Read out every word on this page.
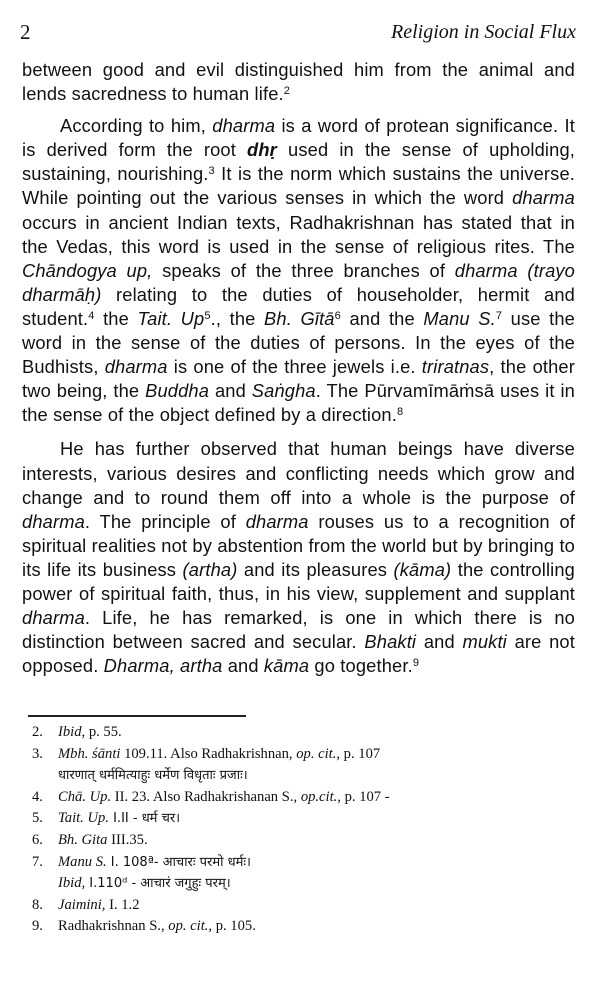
2	Religion in Social Flux

between good and evil distinguished him from the animal and lends sacredness to human life.$^2$

According to him, dharma is a word of protean significance. It is derived form the root dhṛ used in the sense of upholding, sustaining, nourishing.$^3$ It is the norm which sustains the universe. While pointing out the various senses in which the word dharma occurs in ancient Indian texts, Radhakrishnan has stated that in the Vedas, this word is used in the sense of religious rites. The Chāndogya up, speaks of the three branches of dharma (trayo dharmāḥ) relating to the duties of householder, hermit and student.$^4$ the Tait. Up$^5$., the Bh. Gītā$^6$ and the Manu S.$^7$ use the word in the sense of the duties of persons. In the eyes of the Budhists, dharma is one of the three jewels i.e. triratnas, the other two being, the Buddha and Saṅgha. The Pūrvamīmāṁsā uses it in the sense of the object defined by a direction.$^8$

He has further observed that human beings have diverse interests, various desires and conflicting needs which grow and change and to round them off into a whole is the purpose of dharma. The principle of dharma rouses us to a recognition of spiritual realities not by abstention from the world but by bringing to its life its business (artha) and its pleasures (kāma) the controlling power of spiritual faith, thus, in his view, supplement and supplant dharma. Life, he has remarked, is one in which there is no distinction between sacred and secular. Bhakti and mukti are not opposed. Dharma, artha and kāma go together.$^9$

2.	Ibid, p. 55.
3.	Mbh. śānti 109.11. Also Radhakrishnan, op. cit., p. 107
धारणात् धर्ममित्याहुः धर्मेण विधृताः प्रजाः।
4.	Chā. Up. II. 23. Also Radhakrishanan S., op.cit., p. 107 -
5.	Tait. Up. I.II - धर्म चर।
6.	Bh. Gita III.35.
7.	Manu S. I. 108ª- आचारः परमो धर्मः।
Ibid, I.110ᵈ - आचारं जगुहुः परम्।
8.	Jaimini, I. 1.2
9.	Radhakrishnan S., op. cit., p. 105.
